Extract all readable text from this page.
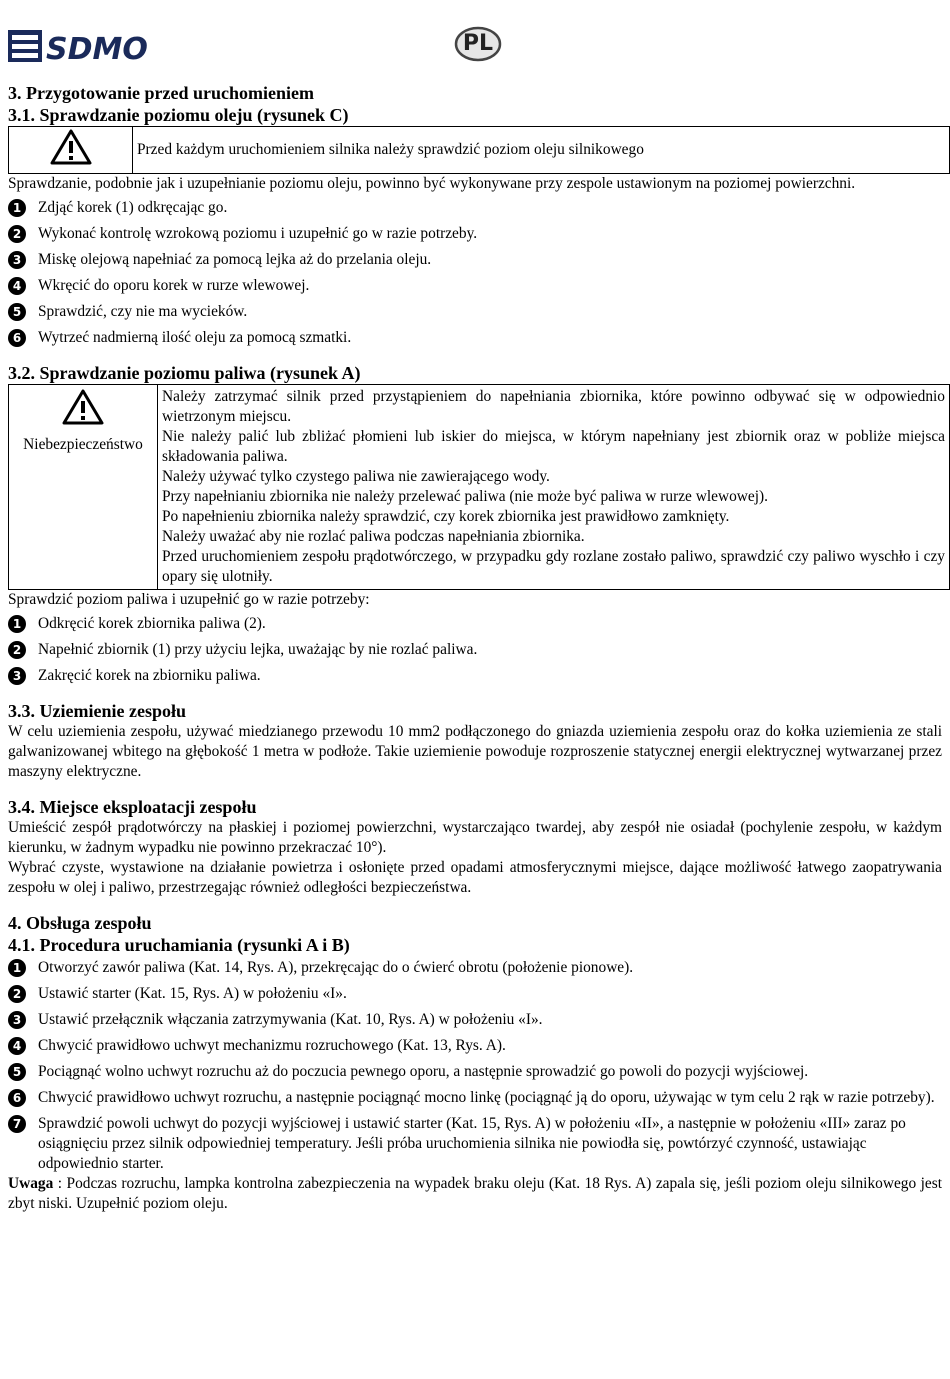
SDMO	PL
3. Przygotowanie przed uruchomieniem
3.1. Sprawdzanie poziomu oleju (rysunek C)
	Przed każdym uruchomieniem silnika należy sprawdzić poziom oleju silnikowego

Sprawdzanie, podobnie jak i uzupełnianie poziomu oleju, powinno być wykonywane przy zespole ustawionym na poziomej powierzchni.

1	Zdjąć korek (1) odkręcając go.
2	Wykonać kontrolę wzrokową poziomu i uzupełnić go w razie potrzeby.
3	Miskę olejową napełniać za pomocą lejka aż do przelania oleju.
4	Wkręcić do oporu korek w rurze wlewowej.
5	Sprawdzić, czy nie ma wycieków.
6	Wytrzeć nadmierną ilość oleju za pomocą szmatki.
3.2. Sprawdzanie poziomu paliwa (rysunek A)
Niebezpieczeństwo

Należy zatrzymać silnik przed przystąpieniem do napełniania zbiornika, które powinno odbywać się w odpowiednio wietrzonym miejscu.

Nie należy palić lub zbliżać płomieni lub iskier do miejsca, w którym napełniany jest zbiornik oraz w pobliże miejsca składowania paliwa.

Należy używać tylko czystego paliwa nie zawierającego wody.

Przy napełnianiu zbiornika nie należy przelewać paliwa (nie może być paliwa w rurze wlewowej).

Po napełnieniu zbiornika należy sprawdzić, czy korek zbiornika jest prawidłowo zamknięty.

Należy uważać aby nie rozlać paliwa podczas napełniania zbiornika.

Przed uruchomieniem zespołu prądotwórczego, w przypadku gdy rozlane zostało paliwo, sprawdzić czy paliwo wyschło i czy opary się ulotniły.

Sprawdzić poziom paliwa i uzupełnić go w razie potrzeby:

1	Odkręcić korek zbiornika paliwa (2).
2	Napełnić zbiornik (1) przy użyciu lejka, uważając by nie rozlać paliwa.
3	Zakręcić korek na zbiorniku paliwa.
3.3. Uziemienie zespołu

W celu uziemienia zespołu, używać miedzianego przewodu 10 mm2 podłączonego do gniazda uziemienia zespołu oraz do kołka uziemienia ze stali galwanizowanej wbitego na głębokość 1 metra w podłoże. Takie uziemienie powoduje rozproszenie statycznej energii elektrycznej wytwarzanej przez maszyny elektryczne.

3.4. Miejsce eksploatacji zespołu

Umieścić zespół prądotwórczy na płaskiej i poziomej powierzchni, wystarczająco twardej, aby zespół nie osiadał (pochylenie zespołu, w każdym kierunku, w żadnym wypadku nie powinno przekraczać 10°).

Wybrać czyste, wystawione na działanie powietrza i osłonięte przed opadami atmosferycznymi miejsce, dające możliwość łatwego zaopatrywania zespołu w olej i paliwo, przestrzegając również odległości bezpieczeństwa.

4. Obsługa zespołu
4.1. Procedura uruchamiania (rysunki A i B)
1	Otworzyć zawór paliwa (Kat. 14, Rys. A), przekręcając do o ćwierć obrotu (położenie pionowe).
2	Ustawić starter (Kat. 15, Rys. A) w położeniu «I».
3	Ustawić przełącznik włączania zatrzymywania (Kat. 10, Rys. A) w położeniu «I».
4	Chwycić prawidłowo uchwyt mechanizmu rozruchowego (Kat. 13, Rys. A).
5	Pociągnąć wolno uchwyt rozruchu aż do poczucia pewnego oporu, a następnie sprowadzić go powoli do pozycji wyjściowej.
6	Chwycić prawidłowo uchwyt rozruchu, a następnie pociągnąć mocno linkę (pociągnąć ją do oporu, używając w tym celu 2 rąk w razie potrzeby).
7	Sprawdzić powoli uchwyt do pozycji wyjściowej i ustawić starter (Kat. 15, Rys. A) w położeniu «II», a następnie w położeniu «III» zaraz po osiągnięciu przez silnik odpowiedniej temperatury. Jeśli próba uruchomienia silnika nie powiodła się, powtórzyć czynność, ustawiając odpowiednio starter.

Uwaga : Podczas rozruchu, lampka kontrolna zabezpieczenia na wypadek braku oleju (Kat. 18 Rys. A) zapala się, jeśli poziom oleju silnikowego jest zbyt niski. Uzupełnić poziom oleju.
